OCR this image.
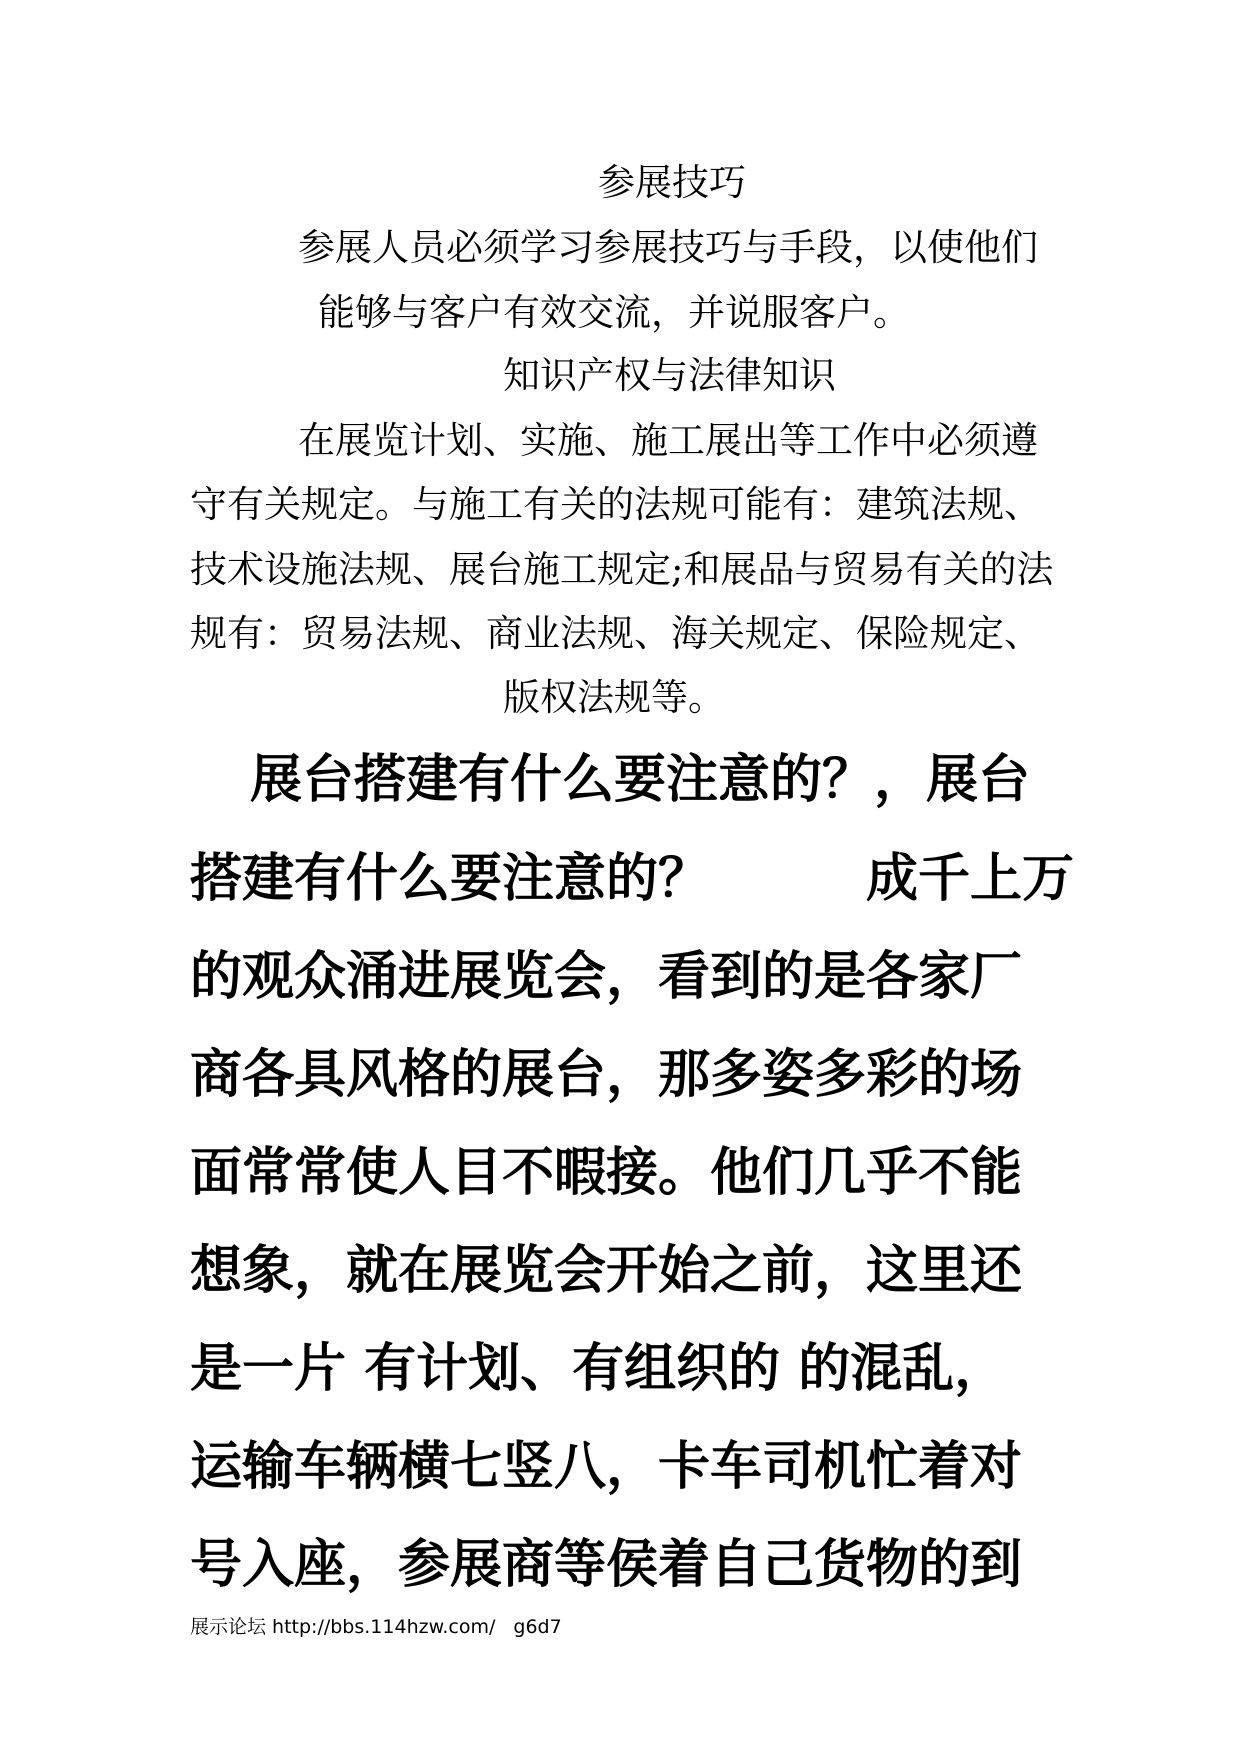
参展技巧
参展人员必须学习参展技巧与手段，以使他们
能够与客户有效交流，并说服客户。
知识产权与法律知识
在展览计划、实施、施工展出等工作中必须遵
守有关规定。与施工有关的法规可能有：建筑法规、
技术设施法规、展台施工规定;和展品与贸易有关的法
规有：贸易法规、商业法规、海关规定、保险规定、
版权法规等。
展台搭建有什么要注意的？，展台
搭建有什么要注意的？　　　成千上万
的观众涌进展览会，看到的是各家厂
商各具风格的展台，那多姿多彩的场
面常常使人目不暇接。他们几乎不能
想象，就在展览会开始之前，这里还
是一片 有计划、有组织的 的混乱，
运输车辆横七竖八，卡车司机忙着对
号入座，参展商等侯着自己货物的到
展示论坛 http://bbs.114hzw.com/ g6d7
